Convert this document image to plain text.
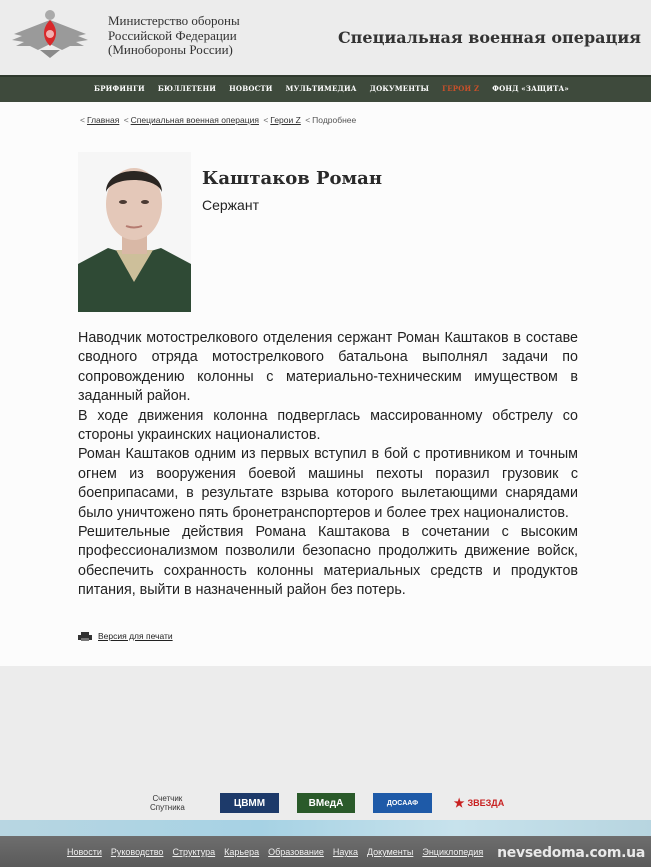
Министерство обороны
Российской Федерации
(Минобороны России)
Специальная военная операция
БРИФИНГИ БЮЛЛЕТЕНИ НОВОСТИ МУЛЬТИМЕДИА ДОКУМЕНТЫ ГЕРОИ Z ФОНД «ЗАЩИТА»
< Главная < Специальная военная операция < Герои Z < Подробнее
Каштаков Роман
Сержант

Наводчик мотострелкового отделения сержант Роман Каштаков в составе сводного отряда мотострелкового батальона выполнял задачи по сопровождению колонны с материально-техническим имуществом в заданный район.

В ходе движения колонна подверглась массированному обстрелу со стороны украинских националистов.

Роман Каштаков одним из первых вступил в бой с противником и точным огнем из вооружения боевой машины пехоты поразил грузовик с боеприпасами, в результате взрыва которого вылетающими снарядами было уничтожено пять бронетранспортеров и более трех националистов.

Решительные действия Романа Каштакова в сочетании с высоким профессионализмом позволили безопасно продолжить движение войск, обеспечить сохранность колонны материальных средств и продуктов питания, выйти в назначенный район без потерь.

Версия для печати
Счетчик
Спутника	ЦВММ	ВМедА	ДОСААФ	★ ЗВЕЗДА
Новости Руководство Структура Карьера Образование Наука Документы Энциклопедия nevsedoma.com.ua
